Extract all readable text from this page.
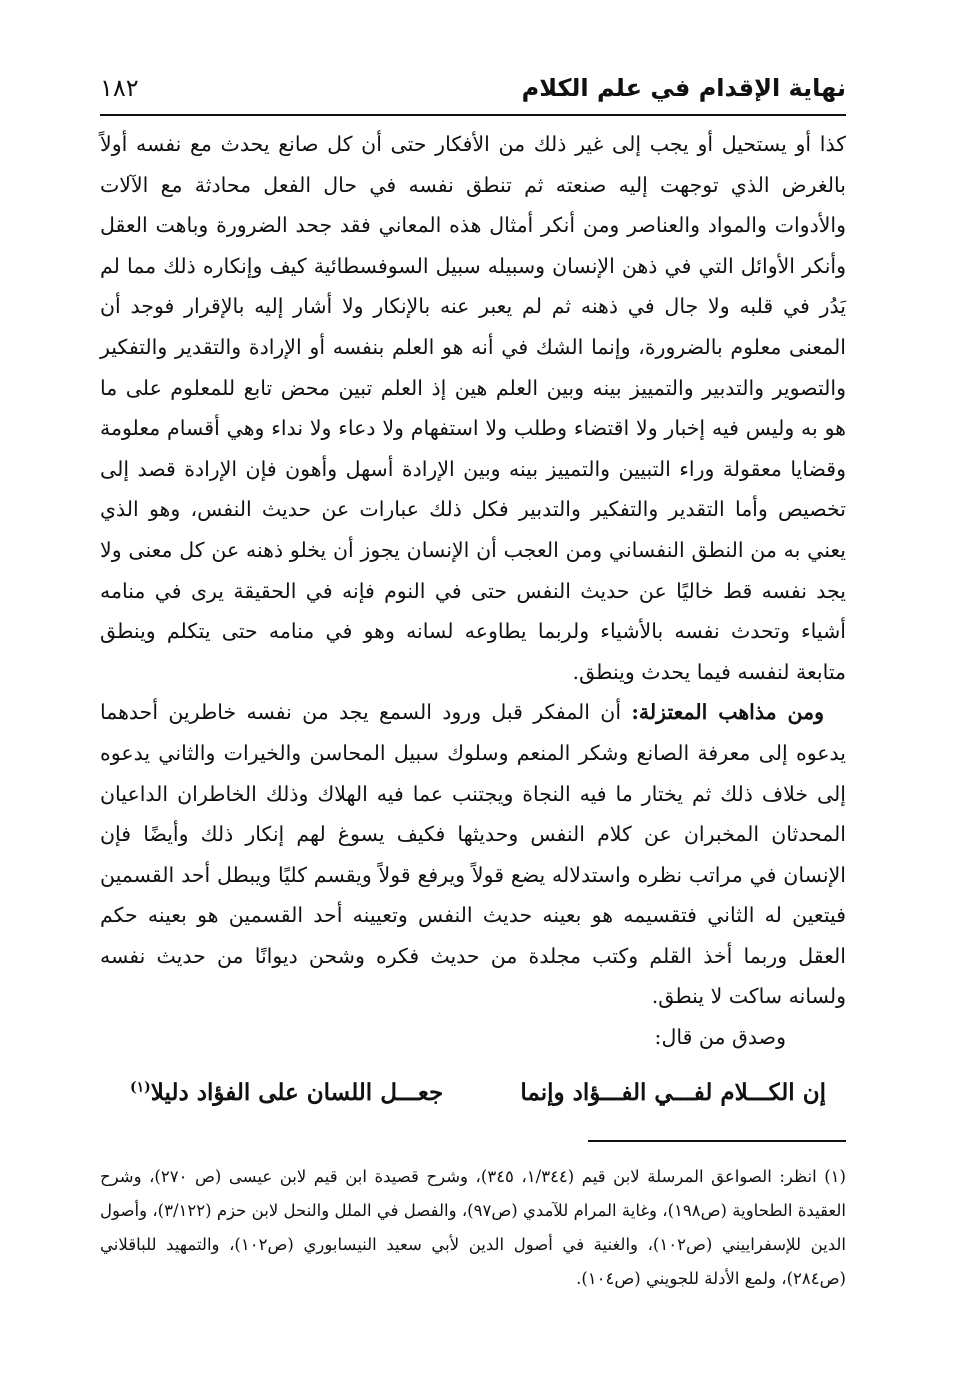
نهاية الإقدام في علم الكلام
١٨٢

كذا أو يستحيل أو يجب إلى غير ذلك من الأفكار حتى أن كل صانع يحدث مع نفسه أولاً بالغرض الذي توجهت إليه صنعته ثم تنطق نفسه في حال الفعل محادثة مع الآلات والأدوات والمواد والعناصر ومن أنكر أمثال هذه المعاني فقد جحد الضرورة وباهت العقل وأنكر الأوائل التي في ذهن الإنسان وسبيله سبيل السوفسطائية كيف وإنكاره ذلك مما لم يَدُر في قلبه ولا جال في ذهنه ثم لم يعبر عنه بالإنكار ولا أشار إليه بالإقرار فوجد أن المعنى معلوم بالضرورة، وإنما الشك في أنه هو العلم بنفسه أو الإرادة والتقدير والتفكير والتصوير والتدبير والتمييز بينه وبين العلم هين إذ العلم تبين محض تابع للمعلوم على ما هو به وليس فيه إخبار ولا اقتضاء وطلب ولا استفهام ولا دعاء ولا نداء وهي أقسام معلومة وقضايا معقولة وراء التبيين والتمييز بينه وبين الإرادة أسهل وأهون فإن الإرادة قصد إلى تخصيص وأما التقدير والتفكير والتدبير فكل ذلك عبارات عن حديث النفس، وهو الذي يعني به من النطق النفساني ومن العجب أن الإنسان يجوز أن يخلو ذهنه عن كل معنى ولا يجد نفسه قط خاليًا عن حديث النفس حتى في النوم فإنه في الحقيقة يرى في منامه أشياء وتحدث نفسه بالأشياء ولربما يطاوعه لسانه وهو في منامه حتى يتكلم وينطق متابعة لنفسه فيما يحدث وينطق.

ومن مذاهب المعتزلة: أن المفكر قبل ورود السمع يجد من نفسه خاطرين أحدهما يدعوه إلى معرفة الصانع وشكر المنعم وسلوك سبيل المحاسن والخيرات والثاني يدعوه إلى خلاف ذلك ثم يختار ما فيه النجاة ويجتنب عما فيه الهلاك وذلك الخاطران الداعيان المحدثان المخبران عن كلام النفس وحديثها فكيف يسوغ لهم إنكار ذلك وأيضًا فإن الإنسان في مراتب نظره واستدلاله يضع قولاً ويرفع قولاً ويقسم كليًا ويبطل أحد القسمين فيتعين له الثاني فتقسيمه هو بعينه حديث النفس وتعيينه أحد القسمين هو بعينه حكم العقل وربما أخذ القلم وكتب مجلدة من حديث فكره وشحن ديوانًا من حديث نفسه ولسانه ساكت لا ينطق.

وصدق من قال:

إن الكـــلام لفـــي الفـــؤاد وإنما
جعـــل اللسان على الفؤاد دليلا$^{(١)}$

(١) انظر: الصواعق المرسلة لابن قيم (١/٣٤٤، ٣٤٥)، وشرح قصيدة ابن قيم لابن عيسى (ص ٢٧٠)، وشرح العقيدة الطحاوية (ص١٩٨)، وغاية المرام للآمدي (ص٩٧)، والفصل في الملل والنحل لابن حزم (٣/١٢٢)، وأصول الدين للإسفراييني (ص١٠٢)، والغنية في أصول الدين لأبي سعيد النيسابوري (ص١٠٢)، والتمهيد للباقلاني (ص٢٨٤)، ولمع الأدلة للجويني (ص١٠٤).
